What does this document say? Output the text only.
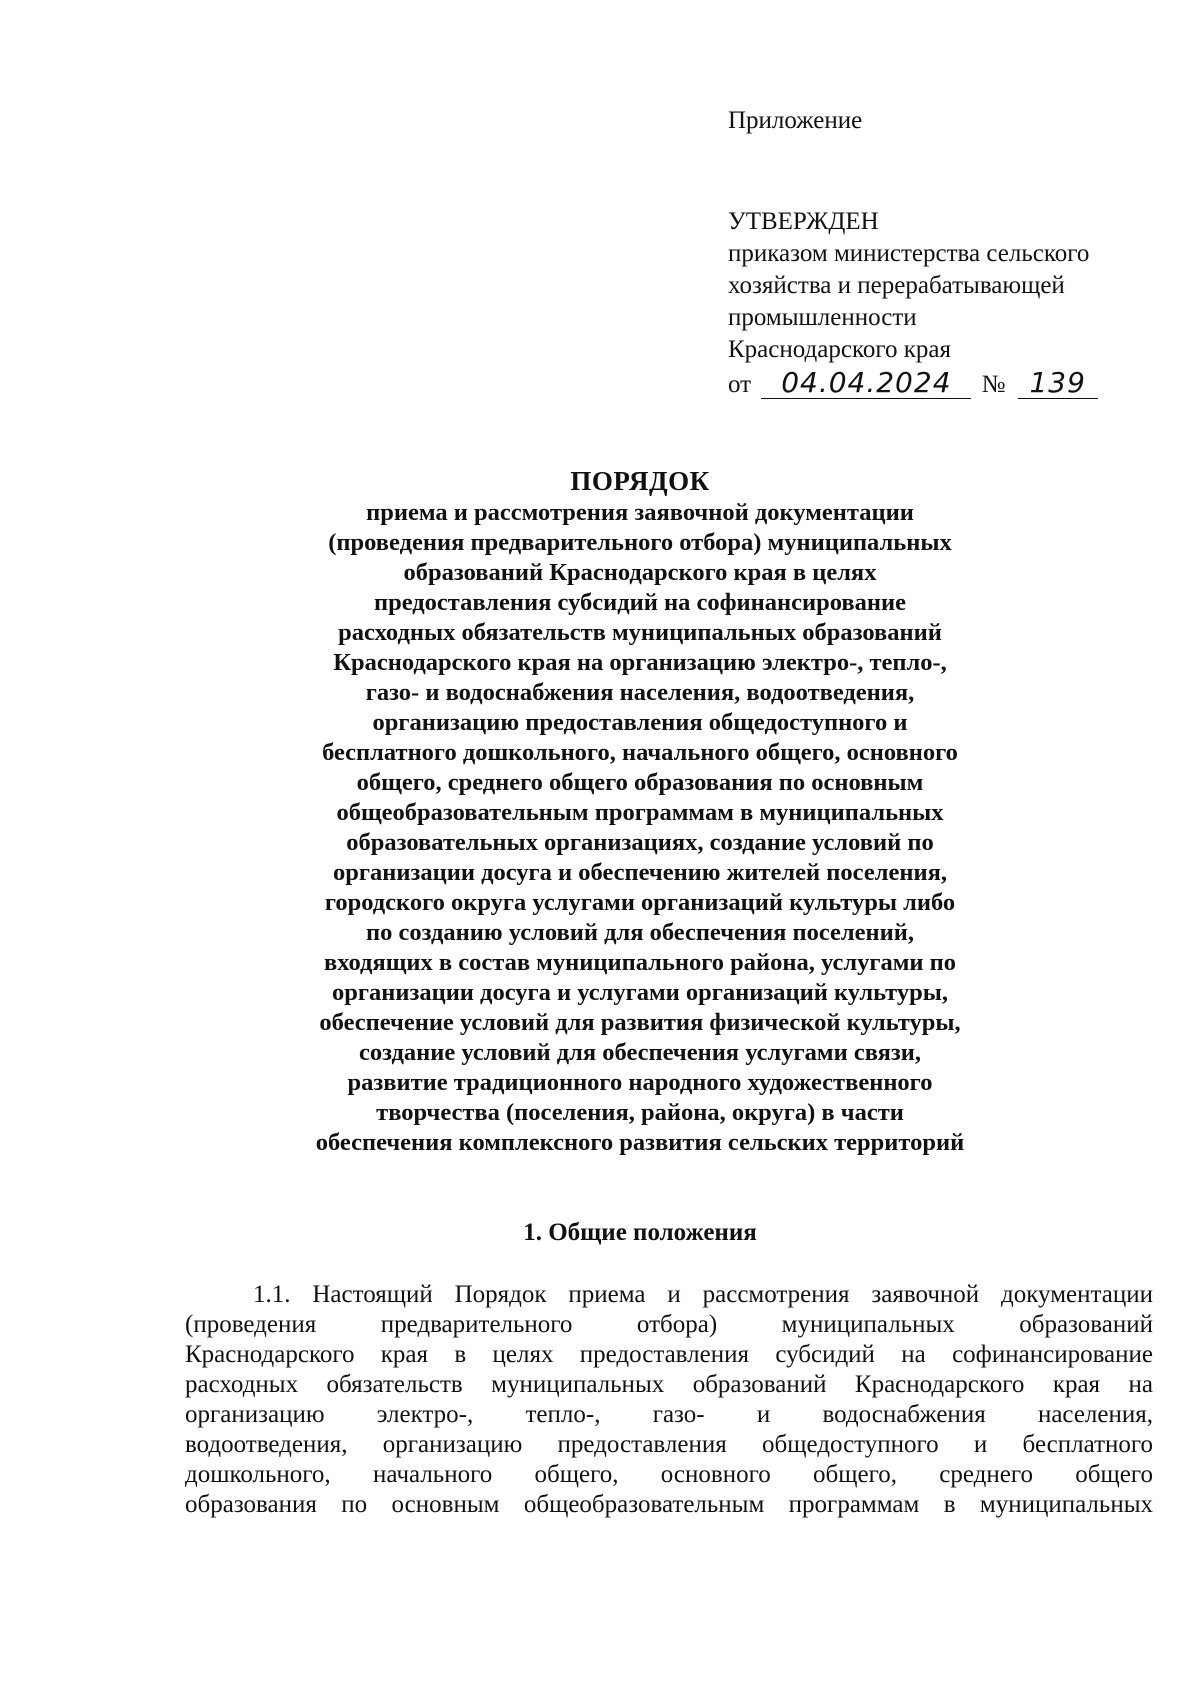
Приложение
УТВЕРЖДЕН
приказом министерства сельского
хозяйства и перерабатывающей
промышленности
Краснодарского края
от 04.04.2024 № 139
ПОРЯДОК
приема и рассмотрения заявочной документации
(проведения предварительного отбора) муниципальных
образований Краснодарского края в целях
предоставления субсидий на софинансирование
расходных обязательств муниципальных образований
Краснодарского края на организацию электро-, тепло-,
газо- и водоснабжения населения, водоотведения,
организацию предоставления общедоступного и
бесплатного дошкольного, начального общего, основного
общего, среднего общего образования по основным
общеобразовательным программам в муниципальных
образовательных организациях, создание условий по
организации досуга и обеспечению жителей поселения,
городского округа услугами организаций культуры либо
по созданию условий для обеспечения поселений,
входящих в состав муниципального района, услугами по
организации досуга и услугами организаций культуры,
обеспечение условий для развития физической культуры,
создание условий для обеспечения услугами связи,
развитие традиционного народного художественного
творчества (поселения, района, округа) в части
обеспечения комплексного развития сельских территорий
1. Общие положения
1.1. Настоящий Порядок приема и рассмотрения заявочной документации
(проведения предварительного отбора) муниципальных образований
Краснодарского края в целях предоставления субсидий на софинансирование
расходных обязательств муниципальных образований Краснодарского края на
организацию электро-, тепло-, газо- и водоснабжения населения,
водоотведения, организацию предоставления общедоступного и бесплатного
дошкольного, начального общего, основного общего, среднего общего
образования по основным общеобразовательным программам в муниципальных
